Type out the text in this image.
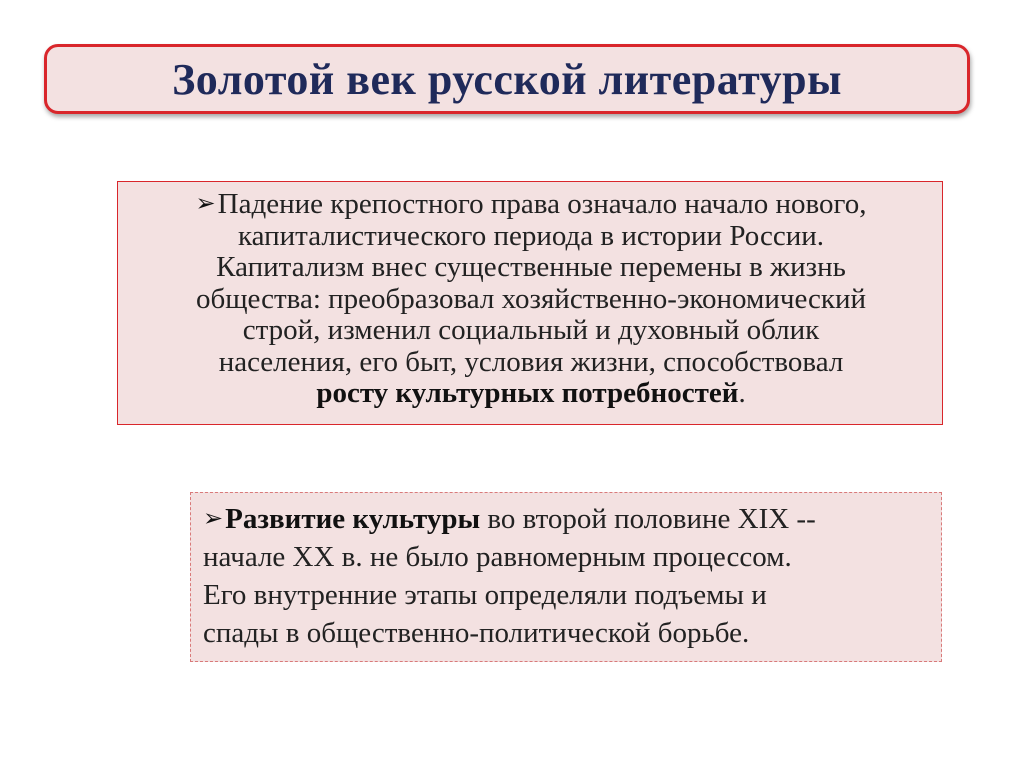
Золотой век русской литературы
➢Падение крепостного права означало начало нового,
капиталистического периода в истории России.
Капитализм внес существенные перемены в жизнь
общества: преобразовал хозяйственно-экономический
строй, изменил социальный и духовный облик
населения, его быт, условия жизни, способствовал
росту культурных потребностей.
➢Развитие культуры во второй половине XIX --
начале XX в. не было равномерным процессом.
Его внутренние этапы определяли подъемы и
спады в общественно-политической борьбе.
